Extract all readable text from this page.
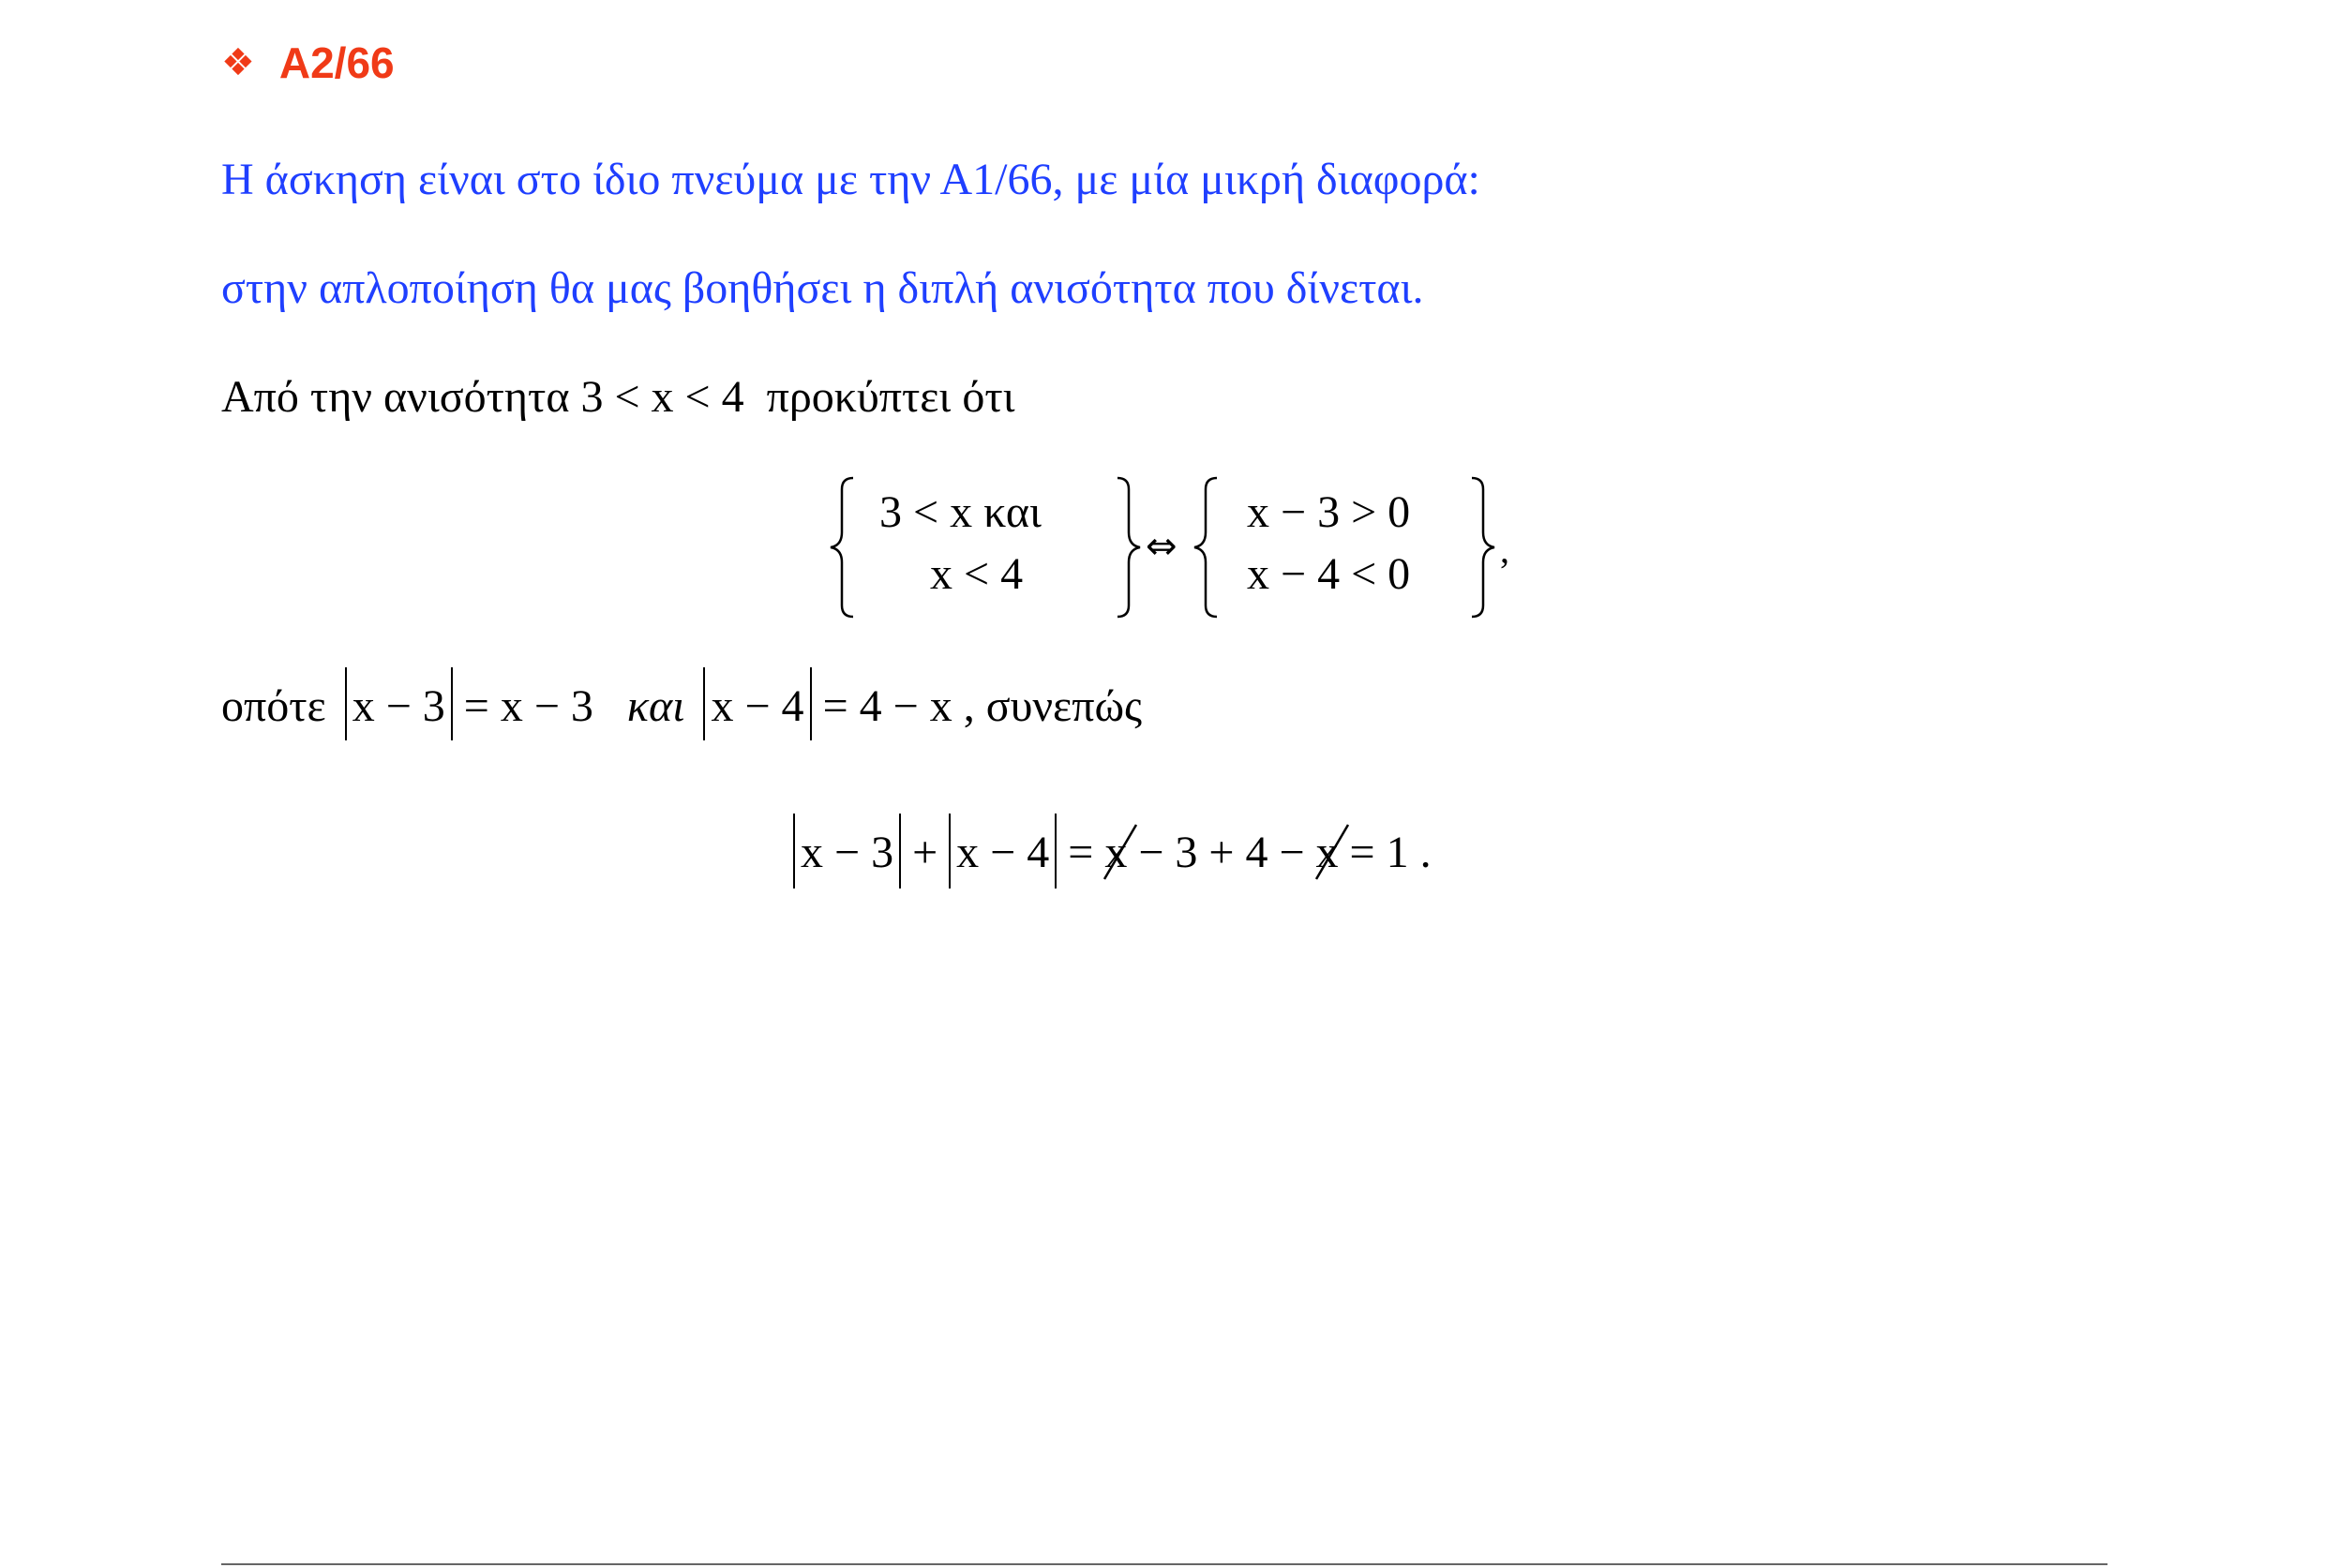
❖ A2/66
Η άσκηση είναι στο ίδιο πνεύμα με την Α1/66, με μία μικρή διαφορά:
στην απλοποίηση θα μας βοηθήσει η διπλή ανισότητα που δίνεται.
Από την ανισότητα 3 < x < 4 προκύπτει ότι
3 < x και
x < 4
⇔
x − 3 > 0
x − 4 < 0 ,
οπότε x − 3 = x − 3 και x − 4 = 4 − x , συνεπώς
x − 3 + x − 4 = x − 3 + 4 − x = 1 .
